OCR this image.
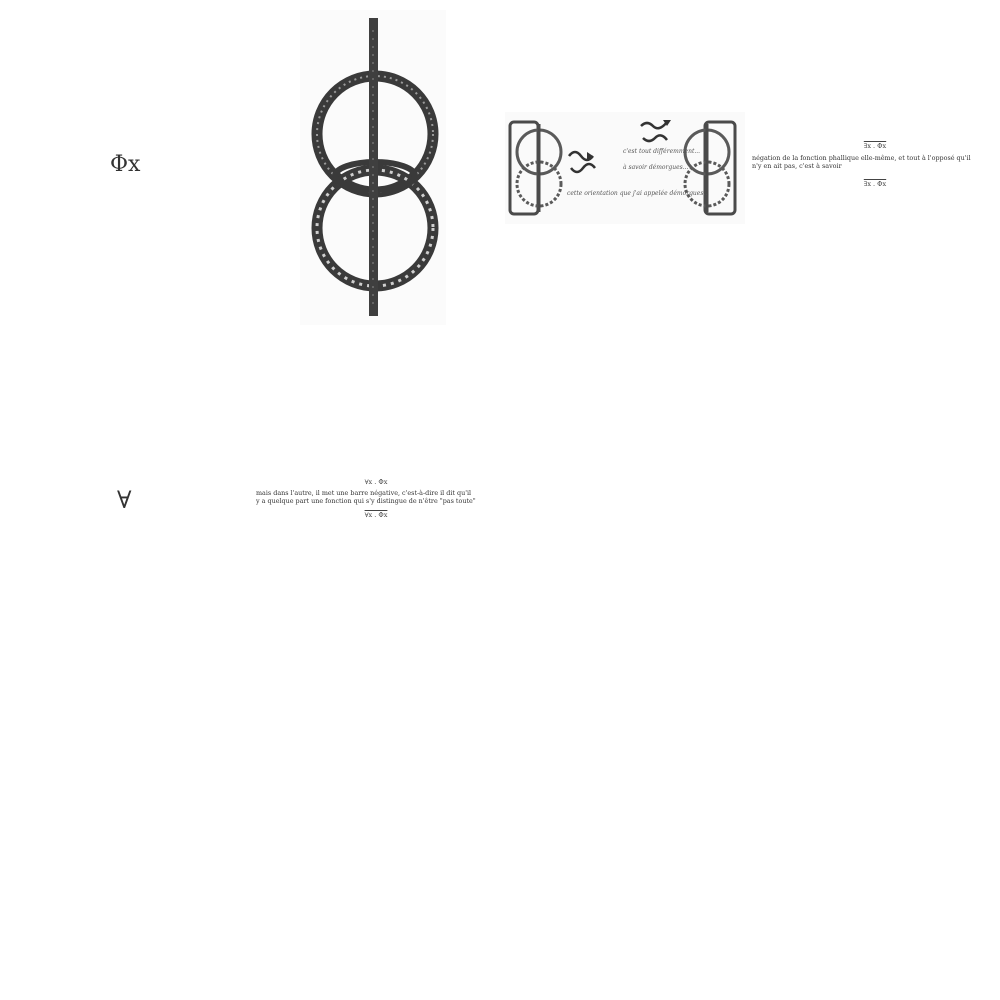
Φx
∀
c'est tout différemment...
à savoir démorgues...
cette orientation que j'ai appelée démorgues...
∃x . Φx
négation de la fonction phallique elle-même, et tout à l'opposé qu'il
n'y en ait pas, c'est à savoir
∃x . Φx
∀x . Φx
mais dans l'autre, il met une barre négative, c'est-à-dire il dit qu'il
y a quelque part une fonction qui s'y distingue de n'être "pas toute"
∀x . Φx
